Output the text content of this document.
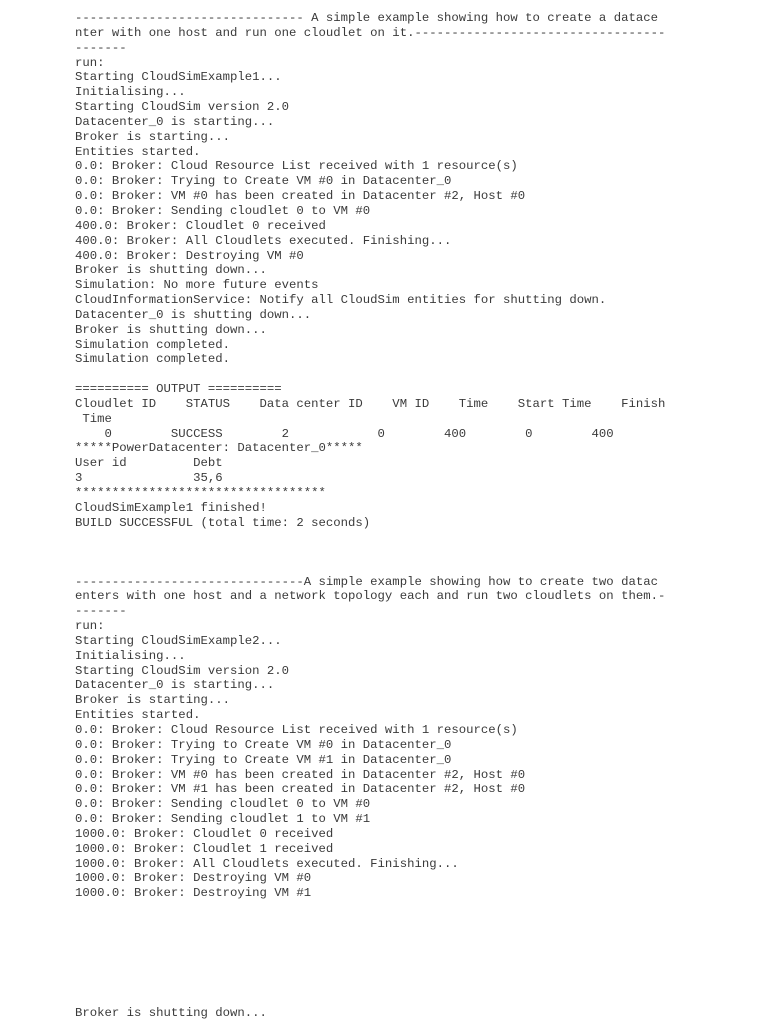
------------------------------- A simple example showing how to create a datace
nter with one host and run one cloudlet on it.----------------------------------
-------
run:
Starting CloudSimExample1...
Initialising...
Starting CloudSim version 2.0
Datacenter_0 is starting...
Broker is starting...
Entities started.
0.0: Broker: Cloud Resource List received with 1 resource(s)
0.0: Broker: Trying to Create VM #0 in Datacenter_0
0.0: Broker: VM #0 has been created in Datacenter #2, Host #0
0.0: Broker: Sending cloudlet 0 to VM #0
400.0: Broker: Cloudlet 0 received
400.0: Broker: All Cloudlets executed. Finishing...
400.0: Broker: Destroying VM #0
Broker is shutting down...
Simulation: No more future events
CloudInformationService: Notify all CloudSim entities for shutting down.
Datacenter_0 is shutting down...
Broker is shutting down...
Simulation completed.
Simulation completed.
========== OUTPUT ==========
Cloudlet ID    STATUS    Data center ID    VM ID    Time    Start Time    Finish
Time
0        SUCCESS        2            0        400        0        400
*****PowerDatacenter: Datacenter_0*****
User id         Debt
3               35,6
**********************************
CloudSimExample1 finished!
BUILD SUCCESSFUL (total time: 2 seconds)
-------------------------------A simple example showing how to create two datac
enters with one host and a network topology each and run two cloudlets on them.-
-------
run:
Starting CloudSimExample2...
Initialising...
Starting CloudSim version 2.0
Datacenter_0 is starting...
Broker is starting...
Entities started.
0.0: Broker: Cloud Resource List received with 1 resource(s)
0.0: Broker: Trying to Create VM #0 in Datacenter_0
0.0: Broker: Trying to Create VM #1 in Datacenter_0
0.0: Broker: VM #0 has been created in Datacenter #2, Host #0
0.0: Broker: VM #1 has been created in Datacenter #2, Host #0
0.0: Broker: Sending cloudlet 0 to VM #0
0.0: Broker: Sending cloudlet 1 to VM #1
1000.0: Broker: Cloudlet 0 received
1000.0: Broker: Cloudlet 1 received
1000.0: Broker: All Cloudlets executed. Finishing...
1000.0: Broker: Destroying VM #0
1000.0: Broker: Destroying VM #1
Broker is shutting down...
